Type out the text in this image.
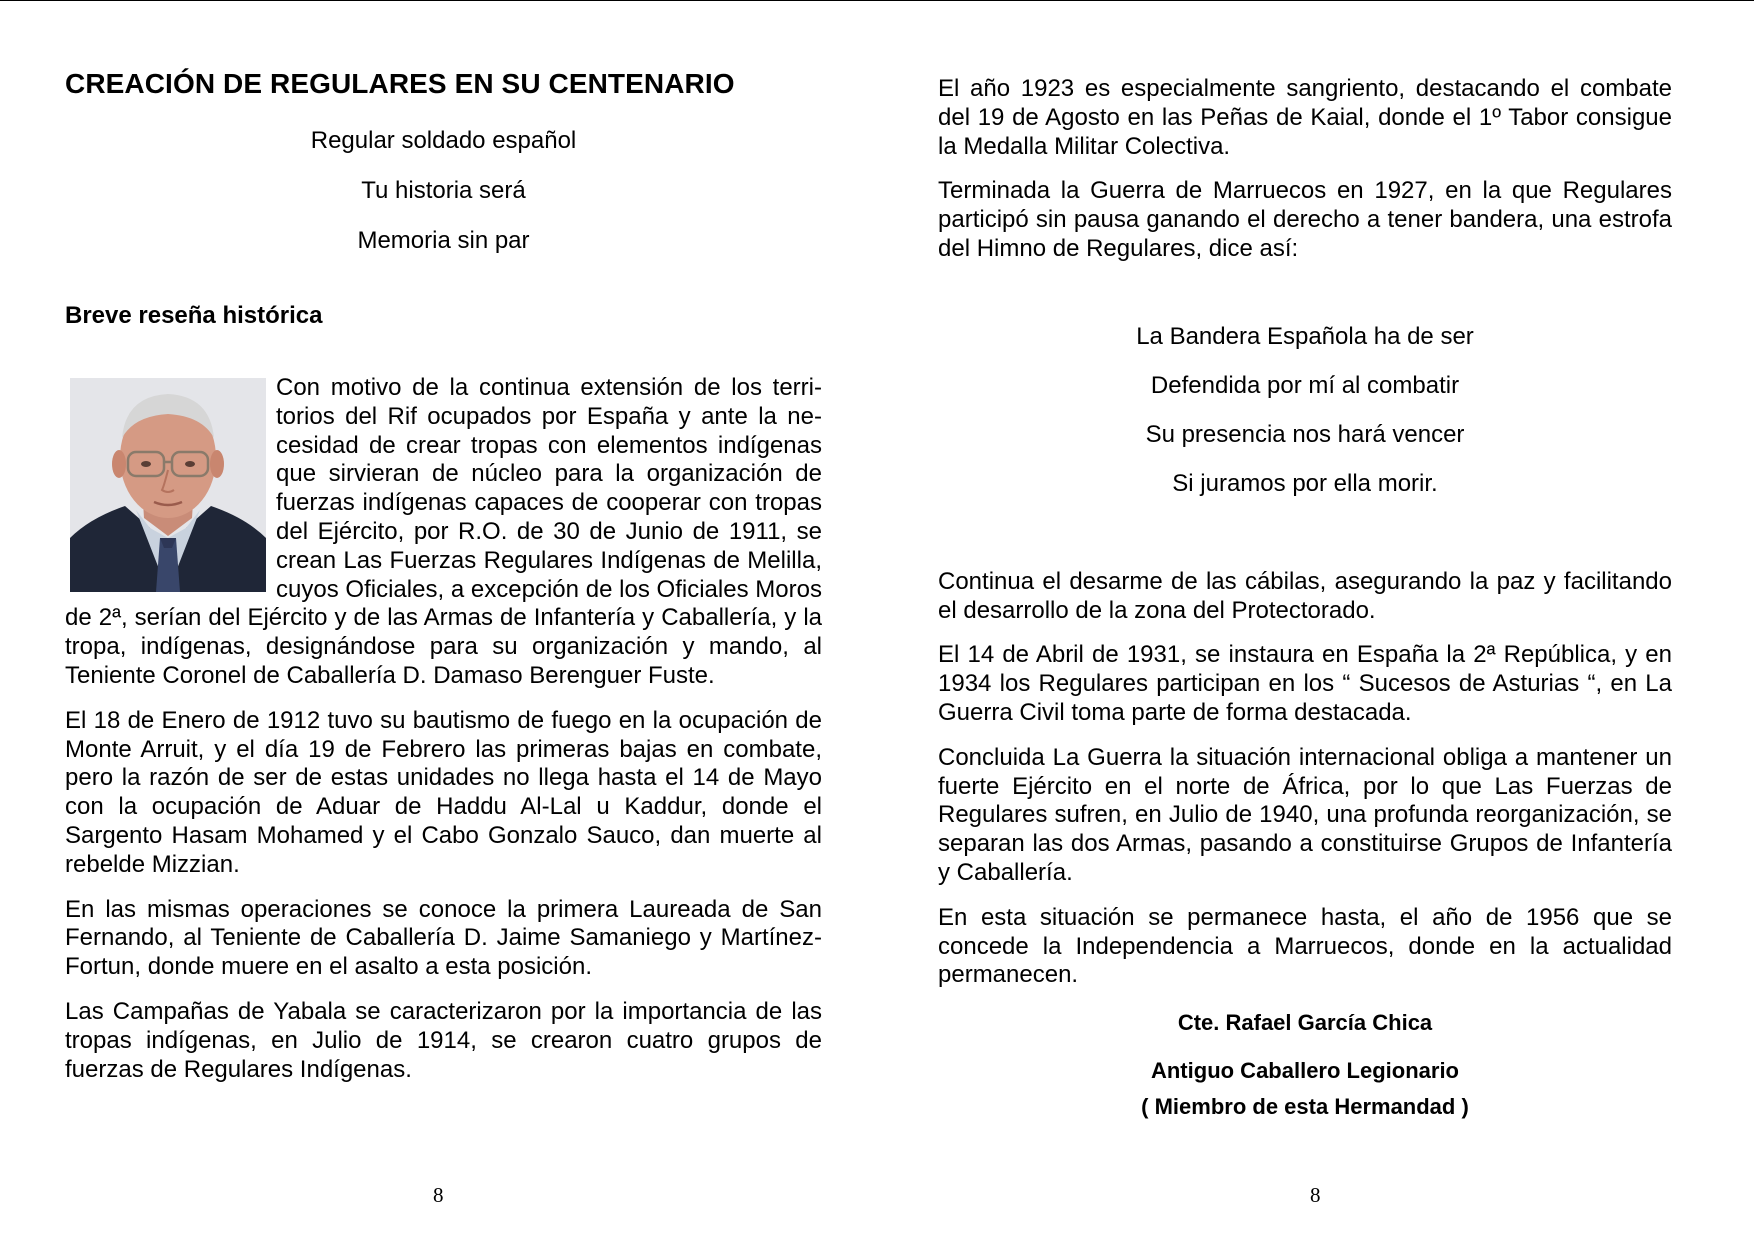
CREACIÓN DE REGULARES EN SU CENTENARIO
Regular soldado español
Tu historia será
Memoria sin par
Breve reseña histórica

Con motivo de la continua extensión de los territorios del Rif ocupados por España y ante la necesidad de crear tropas con elementos indígenas que sirvieran de núcleo para la organización de fuerzas indígenas capaces de cooperar con tropas del Ejército, por R.O. de 30 de Junio de 1911, se crean Las Fuerzas Regulares Indígenas de Melilla, cuyos Oficiales, a excepción de los Oficiales Moros de 2ª, serían del Ejército y de las Armas de Infantería y Caballería, y la tropa, indígenas, designándose para su organización y mando, al Teniente Coronel de Caballería D. Damaso Berenguer Fuste.

El 18 de Enero de 1912 tuvo su bautismo de fuego en la ocupación de Monte Arruit, y el día 19 de Febrero las primeras bajas en combate, pero la razón de ser de estas unidades no llega hasta el 14 de Mayo con la ocupación de Aduar de Haddu Al-Lal u Kaddur, donde el Sargento Hasam Mohamed y el Cabo Gonzalo Sauco, dan muerte al rebelde Mizzian.

En las mismas operaciones se conoce la primera Laureada de San Fernando, al Teniente de Caballería D. Jaime Samaniego y Martínez-Fortun, donde muere en el asalto a esta posición.

Las Campañas de Yabala se caracterizaron por la importancia de las tropas indígenas, en Julio de 1914, se crearon cuatro grupos de fuerzas de Regulares Indígenas.

8

El año 1923 es especialmente sangriento, destacando el combate del 19 de Agosto en las Peñas de Kaial, donde el 1º Tabor consigue la Medalla Militar Colectiva.

Terminada la Guerra de Marruecos en 1927, en la que Regulares participó sin pausa ganando el derecho a tener bandera, una estrofa del Himno de Regulares, dice así:

La Bandera Española ha de ser
Defendida por mí al combatir
Su presencia nos hará vencer
Si juramos por ella morir.

Continua el desarme de las cábilas, asegurando la paz y facilitando el desarrollo de la zona del Protectorado.

El 14 de Abril de 1931, se instaura en España la 2ª República, y en 1934 los Regulares participan en los “ Sucesos de Asturias “, en La Guerra Civil toma parte de forma destacada.

Concluida La Guerra la situación internacional obliga a mantener un fuerte Ejército en el norte de África, por lo que Las Fuerzas de Regulares sufren, en Julio de 1940, una profunda reorganización, se separan las dos Armas, pasando a constituirse Grupos de Infantería y Caballería.

En esta situación se permanece hasta, el año de 1956 que se concede la Independencia a Marruecos, donde en la actualidad permanecen.

Cte. Rafael García Chica
Antiguo Caballero Legionario
( Miembro de esta Hermandad )
8
